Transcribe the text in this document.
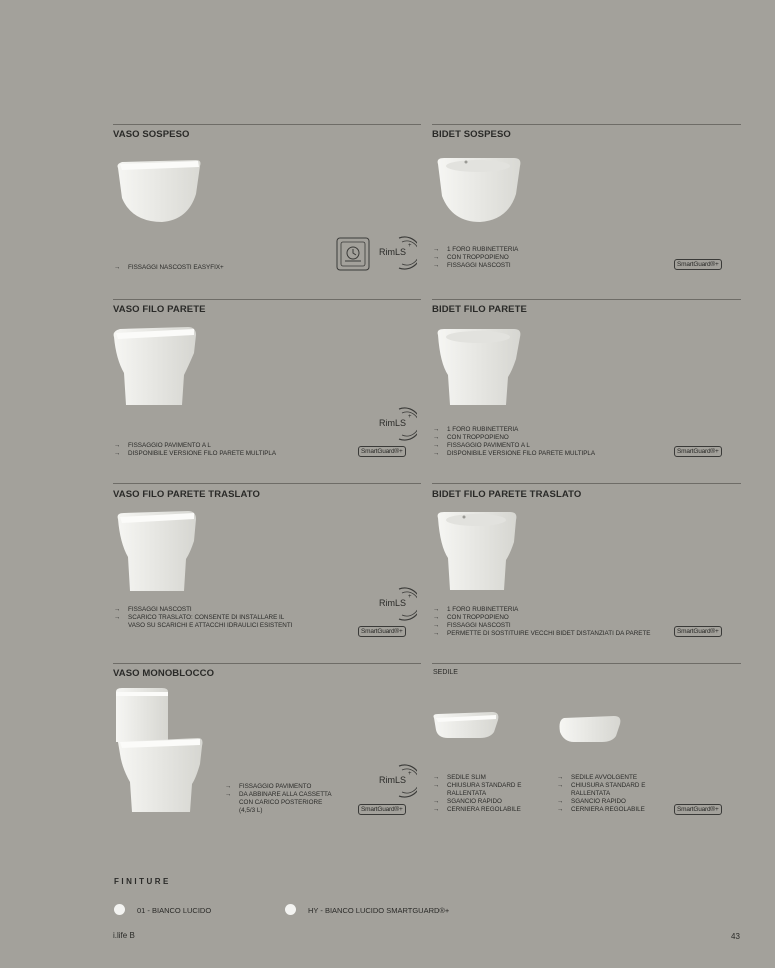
VASO SOSPESO	BIDET SOSPESO
RimLS
+
→ FISSAGGI NASCOSTI EASYFIX+
→ 1 FORO RUBINETTERIA
→ CON TROPPOPIENO
→ FISSAGGI NASCOSTI	SmartGuard®+
VASO FILO PARETE	BIDET FILO PARETE
RimLS
+
→ FISSAGGIO PAVIMENTO A L
→ DISPONIBILE VERSIONE FILO PARETE MULTIPLA	SmartGuard®+
→ 1 FORO RUBINETTERIA
→ CON TROPPOPIENO
→ FISSAGGIO PAVIMENTO A L
→ DISPONIBILE VERSIONE FILO PARETE MULTIPLA	SmartGuard®+
VASO FILO PARETE TRASLATO	BIDET FILO PARETE TRASLATO
RimLS
+
→ FISSAGGI NASCOSTI
→ SCARICO TRASLATO: CONSENTE DI INSTALLARE IL VASO SU SCARICHI E ATTACCHI IDRAULICI ESISTENTI
SmartGuard®+
→ 1 FORO RUBINETTERIA
→ CON TROPPOPIENO
→ FISSAGGI NASCOSTI
→ PERMETTE DI SOSTITUIRE VECCHI BIDET DISTANZIATI DA PARETE	SmartGuard®+
VASO MONOBLOCCO	SEDILE
→ FISSAGGIO PAVIMENTO
→ DA ABBINARE ALLA CASSETTA CON CARICO POSTERIORE (4,5/3 L)
RimLS
+
SmartGuard®+
→ SEDILE SLIM
→ CHIUSURA STANDARD E RALLENTATA
→ SGANCIO RAPIDO
→ CERNIERA REGOLABILE
→ SEDILE AVVOLGENTE
→ CHIUSURA STANDARD E RALLENTATA
→ SGANCIO RAPIDO
→ CERNIERA REGOLABILE	SmartGuard®+
FINITURE
01 - BIANCO LUCIDO	HY - BIANCO LUCIDO SMARTGUARD®+
i.life B	43
